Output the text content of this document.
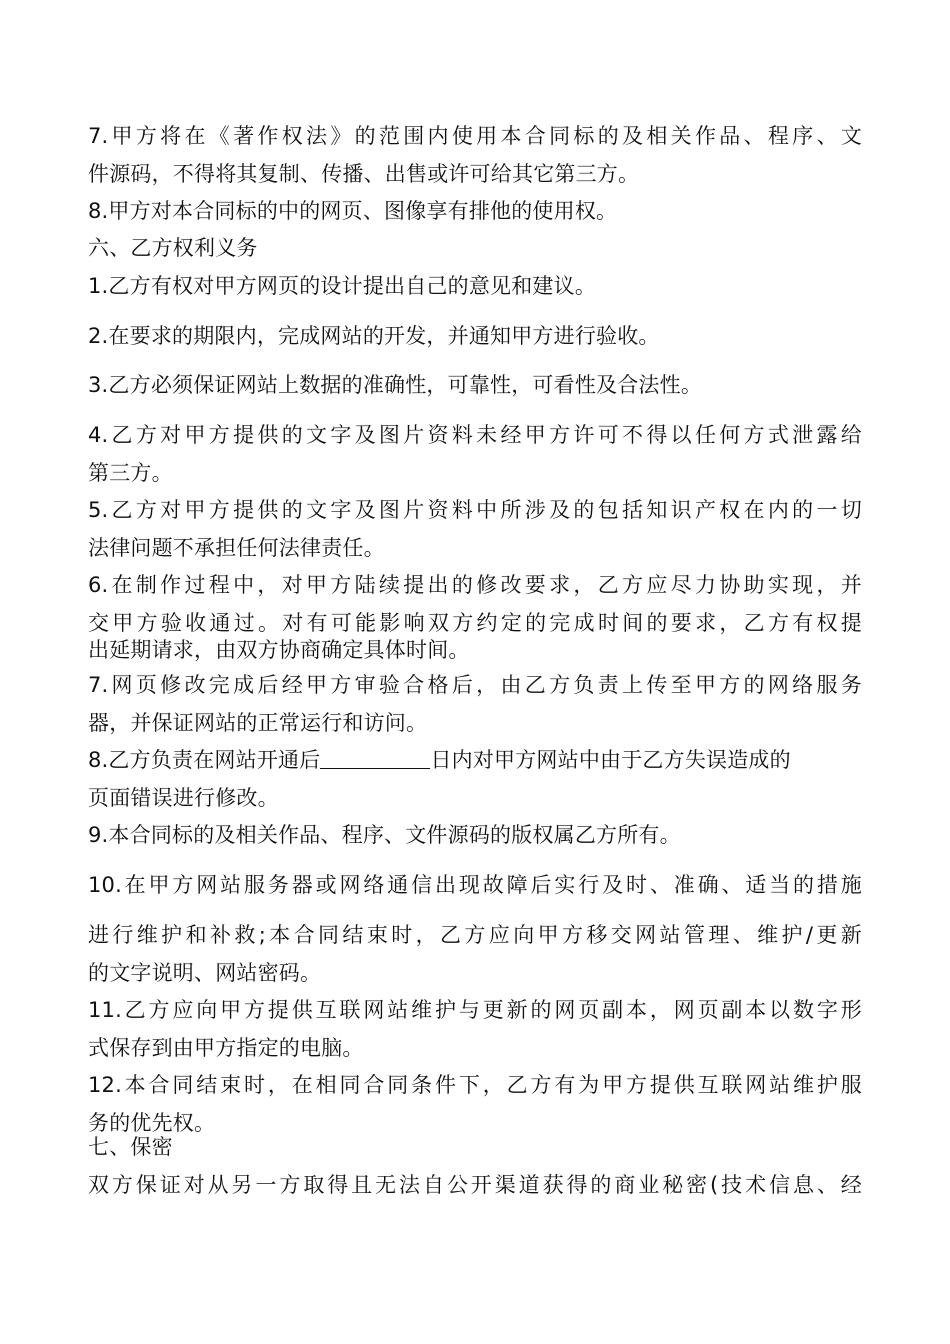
7.甲方将在《著作权法》的范围内使用本合同标的及相关作品、程序、文
件源码，不得将其复制、传播、出售或许可给其它第三方。
8.甲方对本合同标的中的网页、图像享有排他的使用权。
六、乙方权利义务
1.乙方有权对甲方网页的设计提出自己的意见和建议。
2.在要求的期限内，完成网站的开发，并通知甲方进行验收。
3.乙方必须保证网站上数据的准确性，可靠性，可看性及合法性。
4.乙方对甲方提供的文字及图片资料未经甲方许可不得以任何方式泄露给
第三方。
5.乙方对甲方提供的文字及图片资料中所涉及的包括知识产权在内的一切
法律问题不承担任何法律责任。
6.在制作过程中，对甲方陆续提出的修改要求，乙方应尽力协助实现，并
交甲方验收通过。对有可能影响双方约定的完成时间的要求，乙方有权提
出延期请求，由双方协商确定具体时间。
7.网页修改完成后经甲方审验合格后，由乙方负责上传至甲方的网络服务
器，并保证网站的正常运行和访问。
8.乙方负责在网站开通后	日内对甲方网站中由于乙方失误造成的
页面错误进行修改。
9.本合同标的及相关作品、程序、文件源码的版权属乙方所有。
10.在甲方网站服务器或网络通信出现故障后实行及时、准确、适当的措施
进行维护和补救;本合同结束时，乙方应向甲方移交网站管理、维护/更新
的文字说明、网站密码。
11.乙方应向甲方提供互联网站维护与更新的网页副本，网页副本以数字形
式保存到由甲方指定的电脑。
12.本合同结束时，在相同合同条件下，乙方有为甲方提供互联网站维护服
务的优先权。
七、保密
双方保证对从另一方取得且无法自公开渠道获得的商业秘密(技术信息、经
